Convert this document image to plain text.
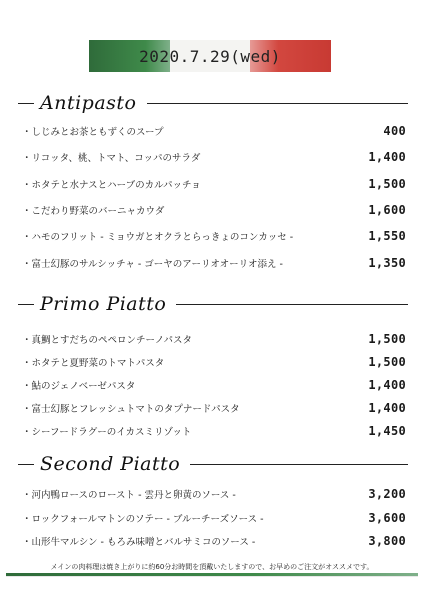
2020.7.29(wed)
Antipasto
・しじみとお茶ともずくのスープ	400
・リコッタ、桃、トマト、コッパのサラダ	1,400
・ホタテと水ナスとハーブのカルパッチョ	1,500
・こだわり野菜のバーニャカウダ	1,600
・ハモのフリット - ミョウガとオクラとらっきょのコンカッセ -	1,550
・富士幻豚のサルシッチャ - ゴーヤのアーリオオーリオ添え -	1,350
Primo Piatto
・真鯛とすだちのペペロンチーノパスタ	1,500
・ホタテと夏野菜のトマトパスタ	1,500
・鮎のジェノベーゼパスタ	1,400
・富士幻豚とフレッシュトマトのタプナードパスタ	1,400
・シーフードラグーのイカスミリゾット	1,450
Second Piatto
・河内鴨ロースのロースト - 雲丹と卵黄のソース -	3,200
・ロックフォールマトンのソテー - ブルーチーズソース -	3,600
・山形牛マルシン - もろみ味噌とバルサミコのソース -	3,800
メインの肉料理は焼き上がりに約60分お時間を頂戴いたしますので、お早めのご注文がオススメです。
